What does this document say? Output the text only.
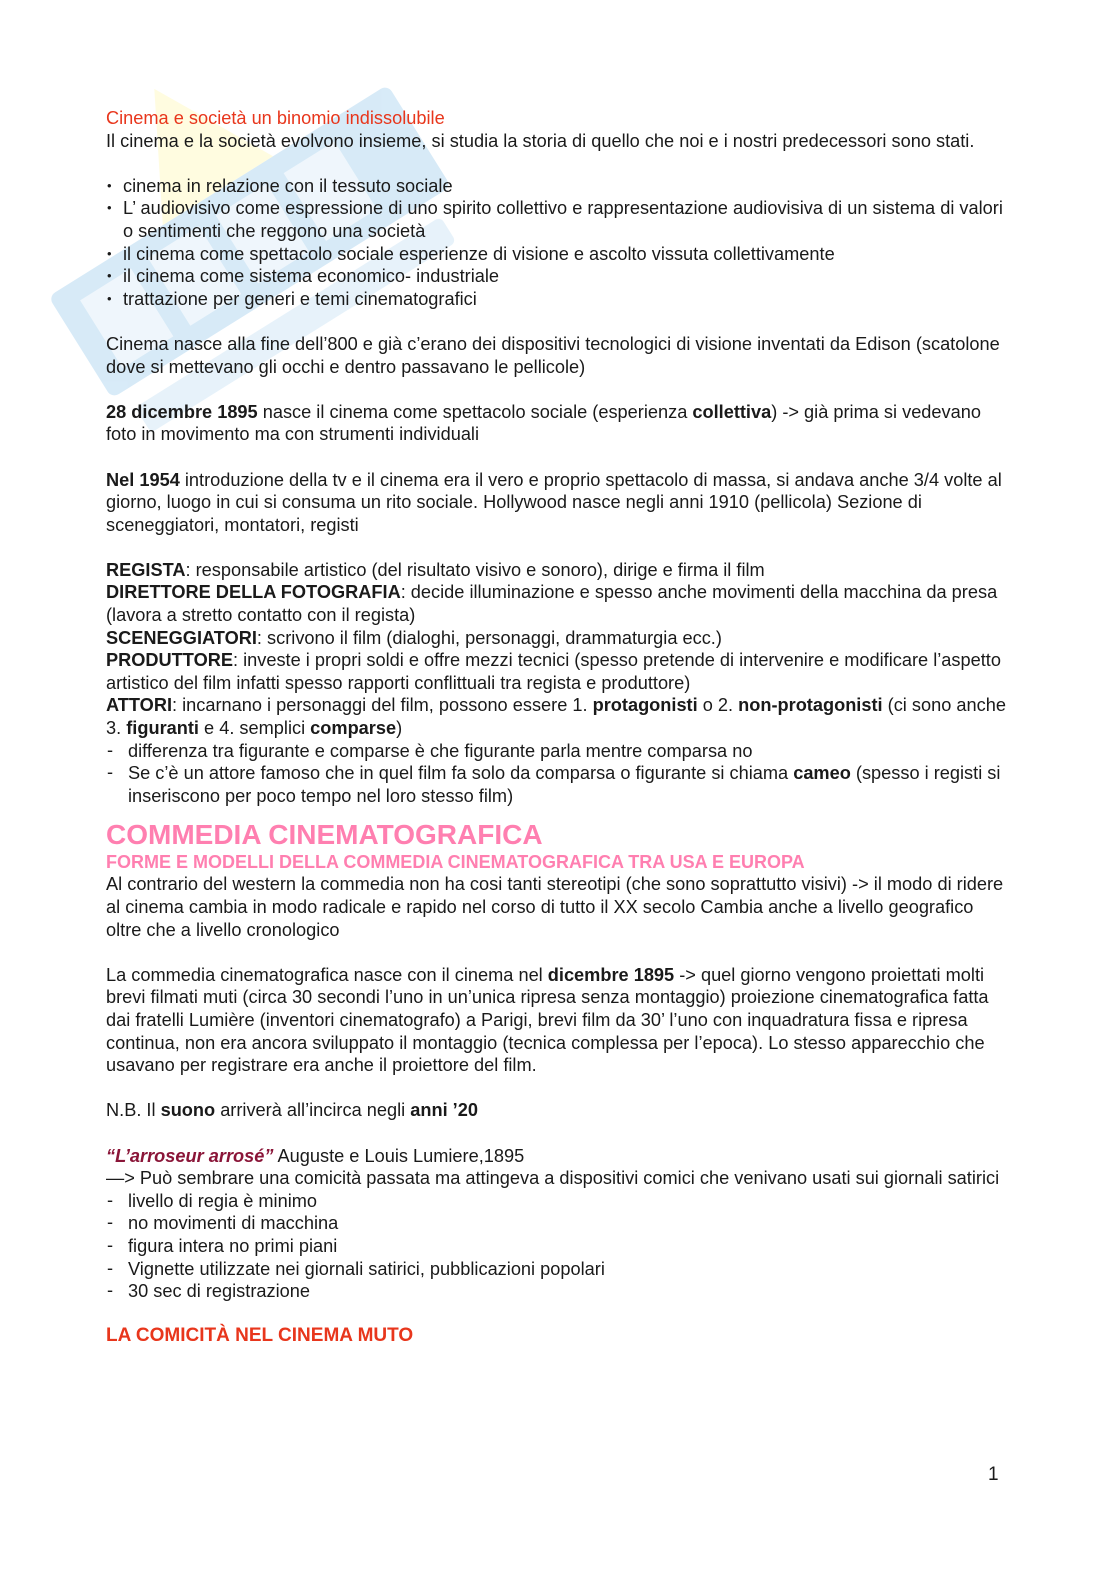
Cinema e società un binomio indissolubile

Il cinema e la società evolvono insieme, si studia la storia di quello che noi e i nostri predecessori sono stati.

• cinema in relazione con il tessuto sociale
• L’ audiovisivo come espressione di uno spirito collettivo e rappresentazione audiovisiva di un sistema di valori o sentimenti che reggono una società
• il cinema come spettacolo sociale esperienze di visione e ascolto vissuta collettivamente
• il cinema come sistema economico- industriale
• trattazione per generi e temi cinematografici

Cinema nasce alla fine dell’800 e già c’erano dei dispositivi tecnologici di visione inventati da Edison (scatolone dove si mettevano gli occhi e dentro passavano le pellicole)

28 dicembre 1895 nasce il cinema come spettacolo sociale (esperienza collettiva) -> già prima si vedevano foto in movimento ma con strumenti individuali

Nel 1954 introduzione della tv e il cinema era il vero e proprio spettacolo di massa, si andava anche 3/4 volte al giorno, luogo in cui si consuma un rito sociale. Hollywood nasce negli anni 1910 (pellicola) Sezione di sceneggiatori, montatori, registi

REGISTA: responsabile artistico (del risultato visivo e sonoro), dirige e firma il film

DIRETTORE DELLA FOTOGRAFIA: decide illuminazione e spesso anche movimenti della macchina da presa (lavora a stretto contatto con il regista)

SCENEGGIATORI: scrivono il film (dialoghi, personaggi, drammaturgia ecc.)

PRODUTTORE: investe i propri soldi e offre mezzi tecnici (spesso pretende di intervenire e modificare l’aspetto artistico del film infatti spesso rapporti conflittuali tra regista e produttore)

ATTORI: incarnano i personaggi del film, possono essere 1. protagonisti o 2. non-protagonisti (ci sono anche 3. figuranti e 4. semplici comparse)

- differenza tra figurante e comparse è che figurante parla mentre comparsa no
- Se c’è un attore famoso che in quel film fa solo da comparsa o figurante si chiama cameo (spesso i registi si inseriscono per poco tempo nel loro stesso film)
COMMEDIA CINEMATOGRAFICA
FORME E MODELLI DELLA COMMEDIA CINEMATOGRAFICA TRA USA E EUROPA

Al contrario del western la commedia non ha cosi tanti stereotipi (che sono soprattutto visivi) -> il modo di ridere al cinema cambia in modo radicale e rapido nel corso di tutto il XX secolo Cambia anche a livello geografico oltre che a livello cronologico

La commedia cinematografica nasce con il cinema nel dicembre 1895 -> quel giorno vengono proiettati molti brevi filmati muti (circa 30 secondi l’uno in un’unica ripresa senza montaggio) proiezione cinematografica fatta dai fratelli Lumière (inventori cinematografo) a Parigi, brevi film da 30’ l’uno con inquadratura fissa e ripresa continua, non era ancora sviluppato il montaggio (tecnica complessa per l’epoca). Lo stesso apparecchio che usavano per registrare era anche il proiettore del film.

N.B. Il suono arriverà all’incirca negli anni ’20

“L’arroseur arrosé” Auguste e Louis Lumiere,1895

—> Può sembrare una comicità passata ma attingeva a dispositivi comici che venivano usati sui giornali satirici

- livello di regia è minimo
- no movimenti di macchina
- figura intera no primi piani
- Vignette utilizzate nei giornali satirici, pubblicazioni popolari
- 30 sec di registrazione
LA COMICITÀ NEL CINEMA MUTO
1
